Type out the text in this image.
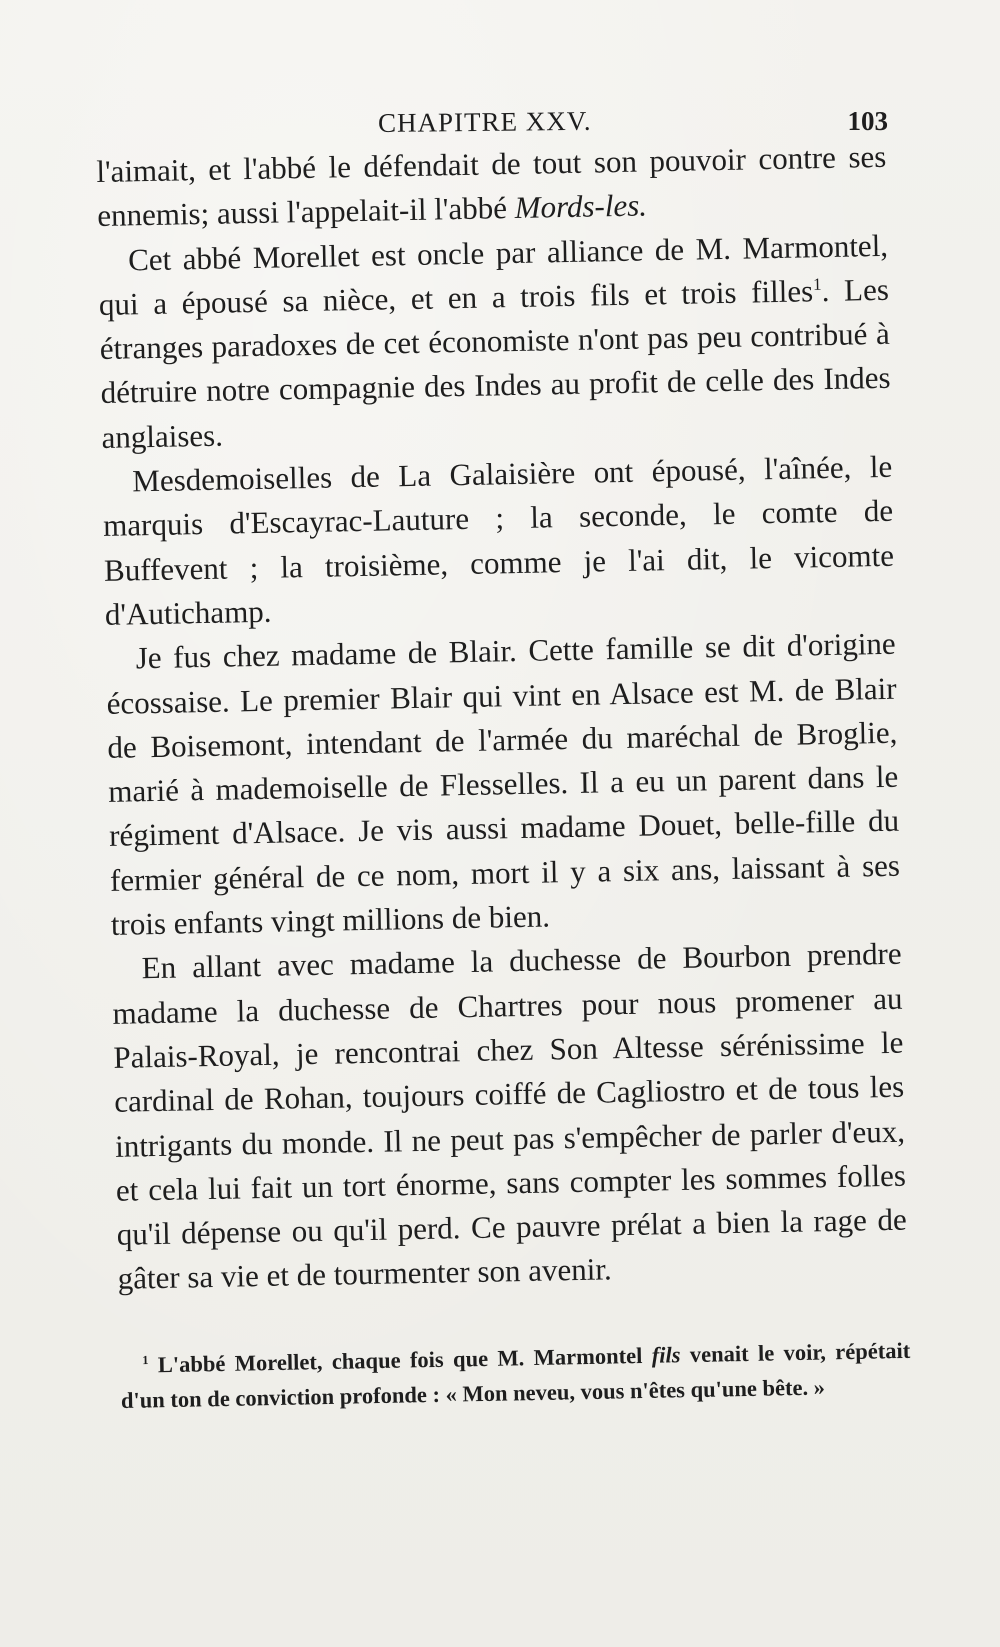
CHAPITRE XXV.	103

l'aimait, et l'abbé le défendait de tout son pouvoir contre ses ennemis; aussi l'appelait-il l'abbé Mords-les.

Cet abbé Morellet est oncle par alliance de M. Marmontel, qui a épousé sa nièce, et en a trois fils et trois filles$^1$. Les étranges paradoxes de cet économiste n'ont pas peu contribué à détruire notre compagnie des Indes au profit de celle des Indes anglaises.

Mesdemoiselles de La Galaisière ont épousé, l'aînée, le marquis d'Escayrac-Lauture ; la seconde, le comte de Buffevent ; la troisième, comme je l'ai dit, le vicomte d'Autichamp.

Je fus chez madame de Blair. Cette famille se dit d'origine écossaise. Le premier Blair qui vint en Alsace est M. de Blair de Boisemont, intendant de l'armée du maréchal de Broglie, marié à mademoiselle de Flesselles. Il a eu un parent dans le régiment d'Alsace. Je vis aussi madame Douet, belle-fille du fermier général de ce nom, mort il y a six ans, laissant à ses trois enfants vingt millions de bien.

En allant avec madame la duchesse de Bourbon prendre madame la duchesse de Chartres pour nous promener au Palais-Royal, je rencontrai chez Son Altesse sérénissime le cardinal de Rohan, toujours coiffé de Cagliostro et de tous les intrigants du monde. Il ne peut pas s'empêcher de parler d'eux, et cela lui fait un tort énorme, sans compter les sommes folles qu'il dépense ou qu'il perd. Ce pauvre prélat a bien la rage de gâter sa vie et de tourmenter son avenir.

$^1$ L'abbé Morellet, chaque fois que M. Marmontel fils venait le voir, répétait d'un ton de conviction profonde : « Mon neveu, vous n'êtes qu'une bête. »
